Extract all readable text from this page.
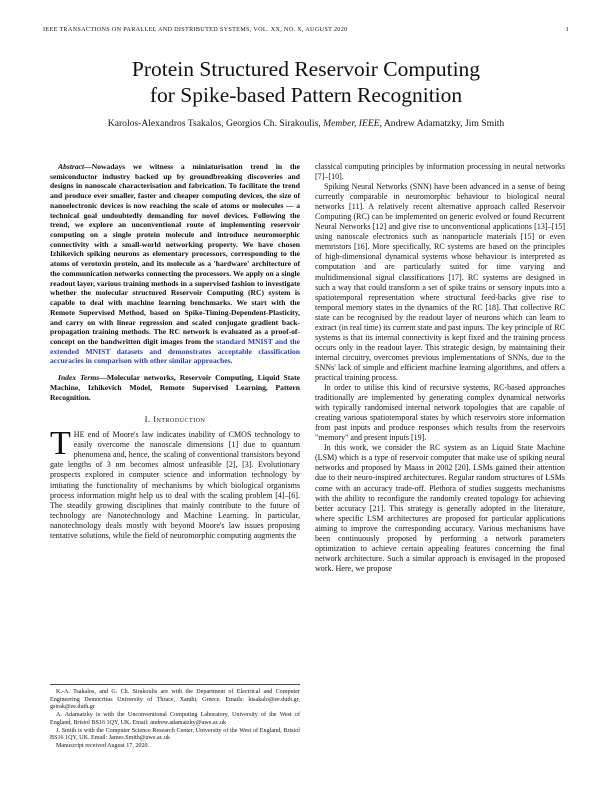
IEEE TRANSACTIONS ON PARALLEL AND DISTRIBUTED SYSTEMS, VOL. XX, NO. X, AUGUST 2020	1
Protein Structured Reservoir Computing
for Spike-based Pattern Recognition
Karolos-Alexandros Tsakalos, Georgios Ch. Sirakoulis, Member, IEEE, Andrew Adamatzky, Jim Smith

Abstract—Nowadays we witness a miniaturisation trend in the semiconductor industry backed up by groundbreaking discoveries and designs in nanoscale characterisation and fabrication. To facilitate the trend and produce ever smaller, faster and cheaper computing devices, the size of nanoelectronic devices is now reaching the scale of atoms or molecules — a technical goal undoubtedly demanding for novel devices. Following the trend, we explore an unconventional route of implementing reservoir computing on a single protein molecule and introduce neuromorphic connectivity with a small-world networking property. We have chosen Izhikevich spiking neurons as elementary processors, corresponding to the atoms of verotoxin protein, and its molecule as a 'hardware' architecture of the communication networks connecting the processors. We apply on a single readout layer, various training methods in a supervised fashion to investigate whether the molecular structured Reservoir Computing (RC) system is capable to deal with machine learning benchmarks. We start with the Remote Supervised Method, based on Spike-Timing-Dependent-Plasticity, and carry on with linear regression and scaled conjugate gradient back-propagation training methods. The RC network is evaluated as a proof-of-concept on the handwritten digit images from the standard MNIST and the extended MNIST datasets and demonstrates acceptable classification accuracies in comparison with other similar approaches.

Index Terms—Molecular networks, Reservoir Computing, Liquid State Machine, Izhikevich Model, Remote Supervised Learning, Pattern Recognition.

I. Introduction

THE end of Moore's law indicates inability of CMOS technology to easily overcome the nanoscale dimensions [1] due to quantum phenomena and, hence, the scaling of conventional transistors beyond gate lengths of 3 nm becomes almost unfeasible [2], [3]. Evolutionary prospects explored in computer science and information technology by imitating the functionality of mechanisms by which biological organisms process information might help us to deal with the scaling problem [4]–[6]. The steadily growing disciplines that mainly contribute to the future of technology are Nanotechnology and Machine Learning. In particular, nanotechnology deals mostly with beyond Moore's law issues proposing tentative solutions, while the field of neuromorphic computing augments the

K.-A. Tsakalos, and G. Ch. Sirakoulis are with the Department of Electrical and Computer Engineering Democritus University of Thrace, Xanthi, Greece. Emails: ktsakalo@ee.duth.gr, gsirak@ee.duth.gr

A. Adamatzky is with the Unconventional Computing Laboratory, University of the West of England, Bristol BS16 1QY, UK. Email: andrew.adamatzky@uwe.ac.uk

J. Smith is with the Computer Science Research Center, University of the West of England, Bristol BS16 1QY, UK. Email: James.Smith@uwe.ac.uk

Manuscript received August 17, 2020.

classical computing principles by information processing in neural networks [7]–[10].

Spiking Neural Networks (SNN) have been advanced in a sense of being currently comparable in neuromorphic behaviour to biological neural networks [11]. A relatively recent alternative approach called Reservoir Computing (RC) can be implemented on generic evolved or found Recurrent Neural Networks [12] and give rise to unconventional applications [13]–[15] using nanoscale electronics such as nanoparticle materials [15] or even memristors [16]. More specifically, RC systems are based on the principles of high-dimensional dynamical systems whose behaviour is interpreted as computation and are particularly suited for time varying and multidimensional signal classifications [17]. RC systems are designed in such a way that could transform a set of spike trains or sensory inputs into a spatiotemporal representation where structural feed-backs give rise to temporal memory states in the dynamics of the RC [18]. That collective RC state can be recognised by the readout layer of neurons which can learn to extract (in real time) its current state and past inputs. The key principle of RC systems is that its internal connectivity is kept fixed and the training process occurs only in the readout layer. This strategic design, by maintaining their internal circuitry, overcomes previous implementations of SNNs, due to the SNNs' lack of simple and efficient machine learning algorithms, and offers a practical training process.

In order to utilise this kind of recursive systems, RC-based approaches traditionally are implemented by generating complex dynamical networks with typically randomised internal network topologies that are capable of creating various spatiotemporal states by which reservoirs store information from past inputs and produce responses which results from the reservoirs "memory" and present inputs [19].

In this work, we consider the RC system as an Liquid State Machine (LSM) which is a type of reservoir computer that make use of spiking neural networks and proposed by Maass in 2002 [20]. LSMs gained their attention due to their neuro-inspired architectures. Regular random structures of LSMs come with an accuracy trade-off. Plethora of studies suggests mechanisms with the ability to reconfigure the randomly created topology for achieving better accuracy [21]. This strategy is generally adopted in the literature, where specific LSM architectures are proposed for particular applications aiming to improve the corresponding accuracy. Various mechanisms have been continuously proposed by performing a network parameters optimization to achieve certain appealing features concerning the final network architecture. Such a similar approach is envisaged in the proposed work. Here, we propose
